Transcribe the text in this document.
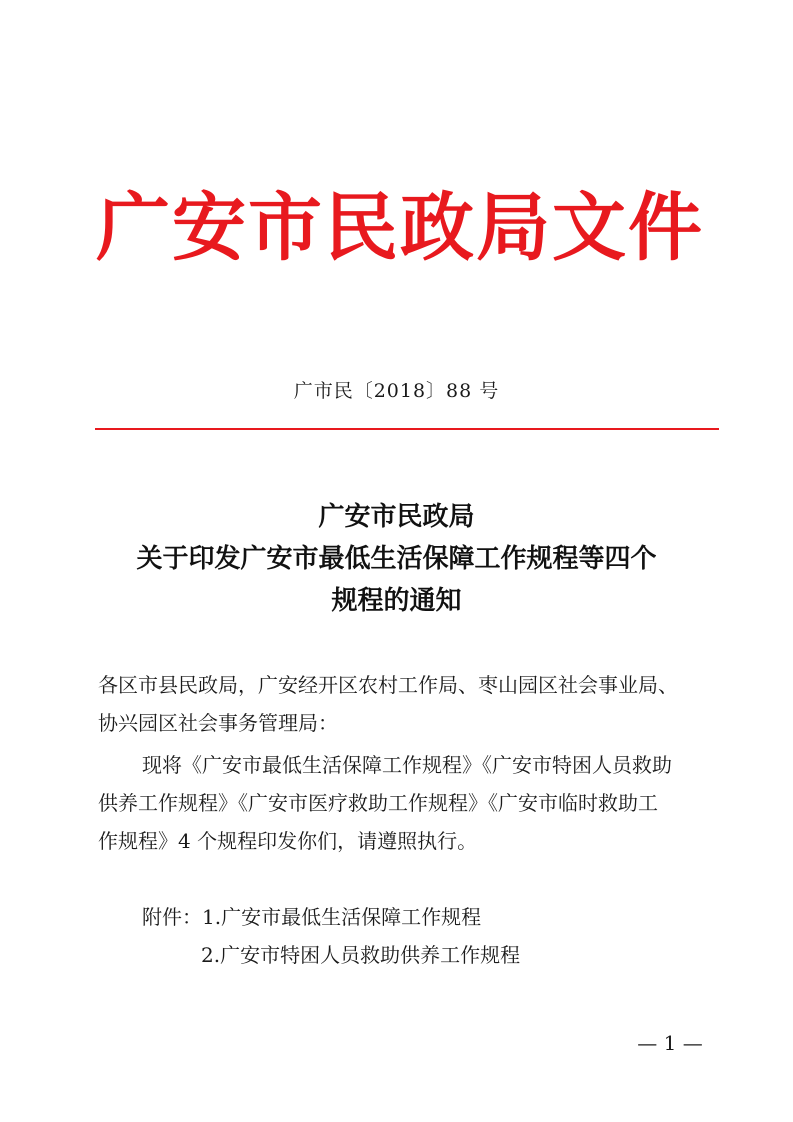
广安市民政局文件
广市民〔2018〕88 号
广安市民政局
关于印发广安市最低生活保障工作规程等四个
规程的通知
各区市县民政局，广安经开区农村工作局、枣山园区社会事业局、
协兴园区社会事务管理局：
现将《广安市最低生活保障工作规程》《广安市特困人员救助
供养工作规程》《广安市医疗救助工作规程》《广安市临时救助工
作规程》4 个规程印发你们，请遵照执行。
附件：1.广安市最低生活保障工作规程
2.广安市特困人员救助供养工作规程
— 1 —
